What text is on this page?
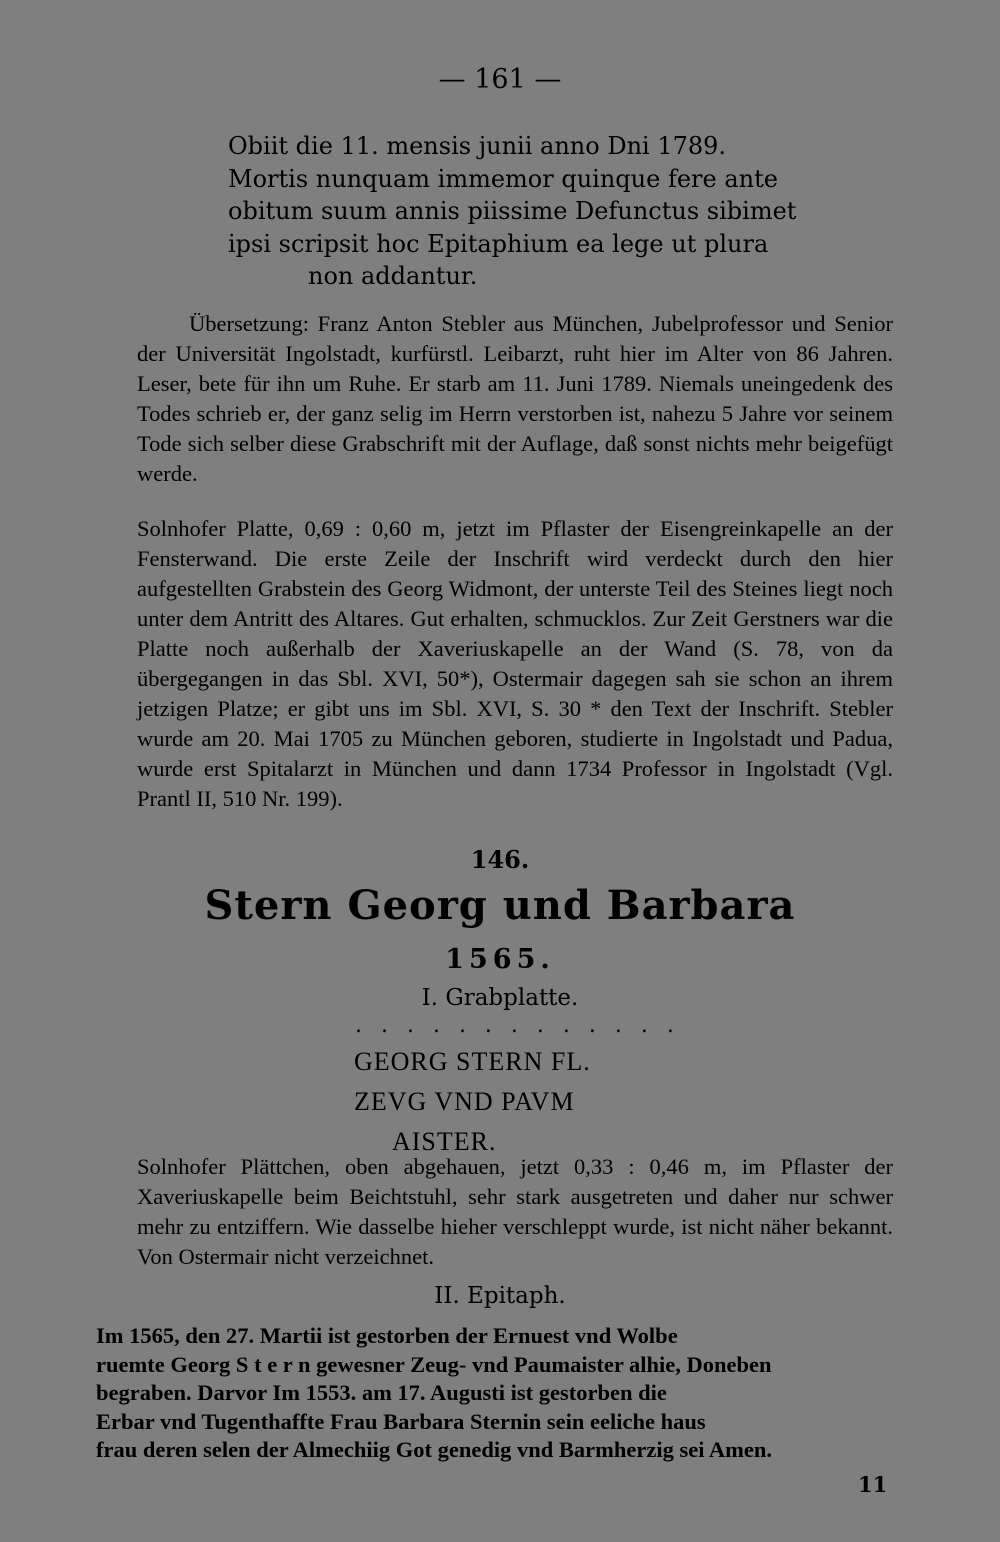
— 161 —
Obiit die 11. mensis junii anno Dni 1789.
Mortis nunquam immemor quinque fere ante
obitum suum annis piissime Defunctus sibimet
ipsi scripsit hoc Epitaphium ea lege ut plura
non addantur.
Übersetzung: Franz Anton Stebler aus München, Jubelprofessor und Senior der Universität Ingolstadt, kurfürstl. Leibarzt, ruht hier im Alter von 86 Jahren. Leser, bete für ihn um Ruhe. Er starb am 11. Juni 1789. Niemals uneingedenk des Todes schrieb er, der ganz selig im Herrn verstorben ist, nahezu 5 Jahre vor seinem Tode sich selber diese Grabschrift mit der Auflage, daß sonst nichts mehr beigefügt werde.
Solnhofer Platte, 0,69 : 0,60 m, jetzt im Pflaster der Eisengreinkapelle an der Fensterwand. Die erste Zeile der Inschrift wird verdeckt durch den hier aufgestellten Grabstein des Georg Widmont, der unterste Teil des Steines liegt noch unter dem Antritt des Altares. Gut erhalten, schmucklos. Zur Zeit Gerstners war die Platte noch außerhalb der Xaveriuskapelle an der Wand (S. 78, von da übergegangen in das Sbl. XVI, 50*), Ostermair dagegen sah sie schon an ihrem jetzigen Platze; er gibt uns im Sbl. XVI, S. 30 * den Text der Inschrift. Stebler wurde am 20. Mai 1705 zu München geboren, studierte in Ingolstadt und Padua, wurde erst Spitalarzt in München und dann 1734 Professor in Ingolstadt (Vgl. Prantl II, 510 Nr. 199).
146.
Stern Georg und Barbara
1565.
I. Grabplatte.
. . . . . . . . . . . . .
GEORG STERN FL.
ZEVG VND PAVM
AISTER.
Solnhofer Plättchen, oben abgehauen, jetzt 0,33 : 0,46 m, im Pflaster der Xaveriuskapelle beim Beichtstuhl, sehr stark ausgetreten und daher nur schwer mehr zu entziffern. Wie dasselbe hieher verschleppt wurde, ist nicht näher bekannt. Von Ostermair nicht verzeichnet.
II. Epitaph.
Im 1565, den 27. Martii ist gestorben der Ernuest vnd Wolbe
ruemte Georg S t e r n gewesner Zeug- vnd Paumaister alhie, Doneben
begraben. Darvor Im 1553. am 17. Augusti ist gestorben die
Erbar vnd Tugenthaffte Frau Barbara Sternin sein eeliche haus
frau deren selen der Almechiig Got genedig vnd Barmherzig sei Amen.
11
